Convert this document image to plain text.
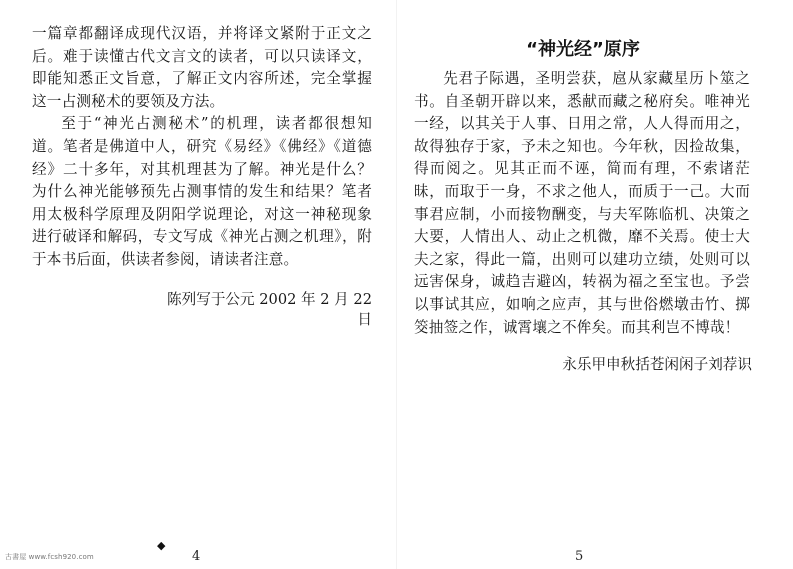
一篇章都翻译成现代汉语，并将译文紧附于正文之后。难于读懂古代文言文的读者，可以只读译文，即能知悉正文旨意，了解正文内容所述，完全掌握这一占测秘术的要领及方法。

至于“神光占测秘术”的机理，读者都很想知道。笔者是佛道中人，研究《易经》《佛经》《道德经》二十多年，对其机理甚为了解。神光是什么？为什么神光能够预先占测事情的发生和结果？笔者用太极科学原理及阴阳学说理论，对这一神秘现象进行破译和解码，专文写成《神光占测之机理》，附于本书后面，供读者参阅，请读者注意。

陈列写于公元 2002 年 2 月 22 日
◆
4
古書屋 www.fcsh920.com
“神光经”原序

先君子际遇，圣明尝获，扈从家藏星历卜筮之书。自圣朝开辟以来，悉献而藏之秘府矣。唯神光一经，以其关于人事、日用之常，人人得而用之，故得独存于家，予未之知也。今年秋，因捡故集，得而阅之。见其正而不诬，简而有理，不索诸茫昧，而取于一身，不求之他人，而质于一己。大而事君应制，小而接物酬变，与夫军陈临机、决策之大要，人情出人、动止之机微，靡不关焉。使士大夫之家，得此一篇，出则可以建功立绩，处则可以远害保身，诚趋吉避凶，转祸为福之至宝也。予尝以事试其应，如响之应声，其与世俗燃墩击竹、掷筊抽签之作，诚霄壤之不侔矣。而其利岂不博哉！

永乐甲申秋括苍闲闲子刘荐识
5
